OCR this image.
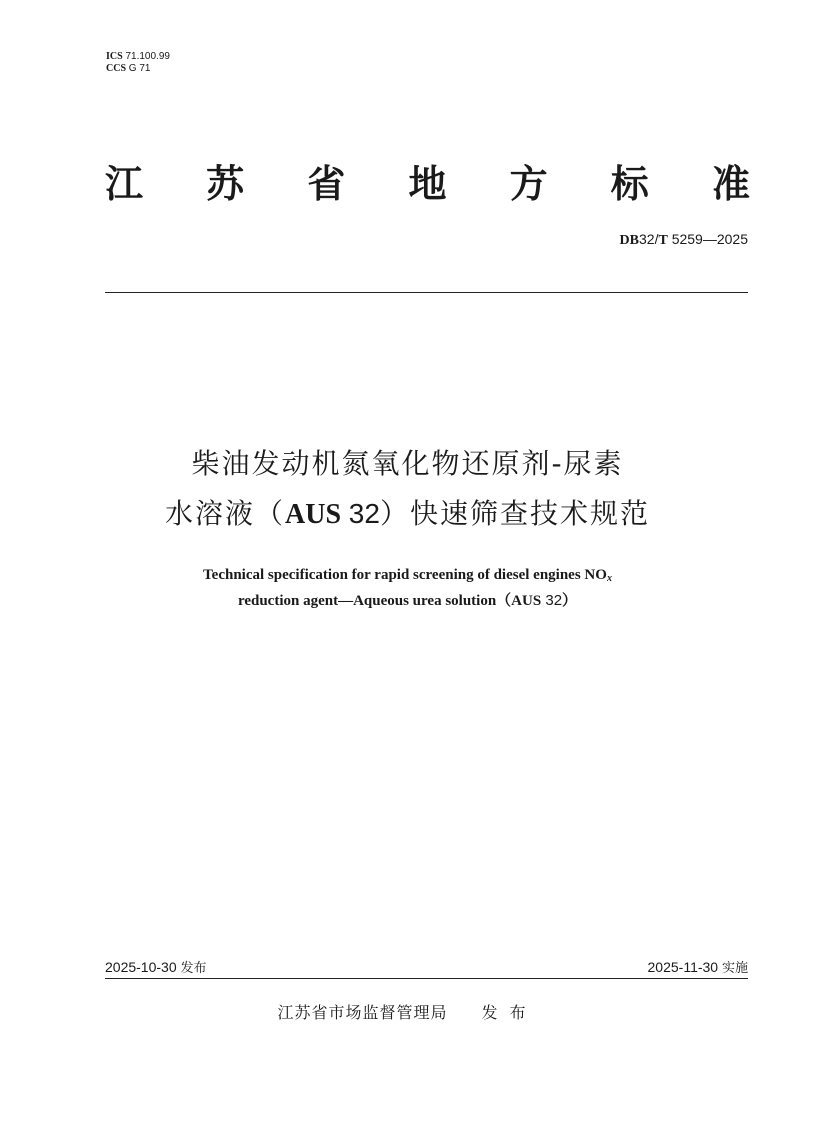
ICS 71.100.99
CCS G 71
江 苏 省 地 方 标 准
DB32/T 5259—2025
柴油发动机氮氧化物还原剂-尿素
水溶液（AUS 32）快速筛查技术规范
Technical specification for rapid screening of diesel engines $NO_x$
reduction agent—Aqueous urea solution（AUS 32）
2025-10-30 发布	2025-11-30 实施
江苏省市场监督管理局 发布
